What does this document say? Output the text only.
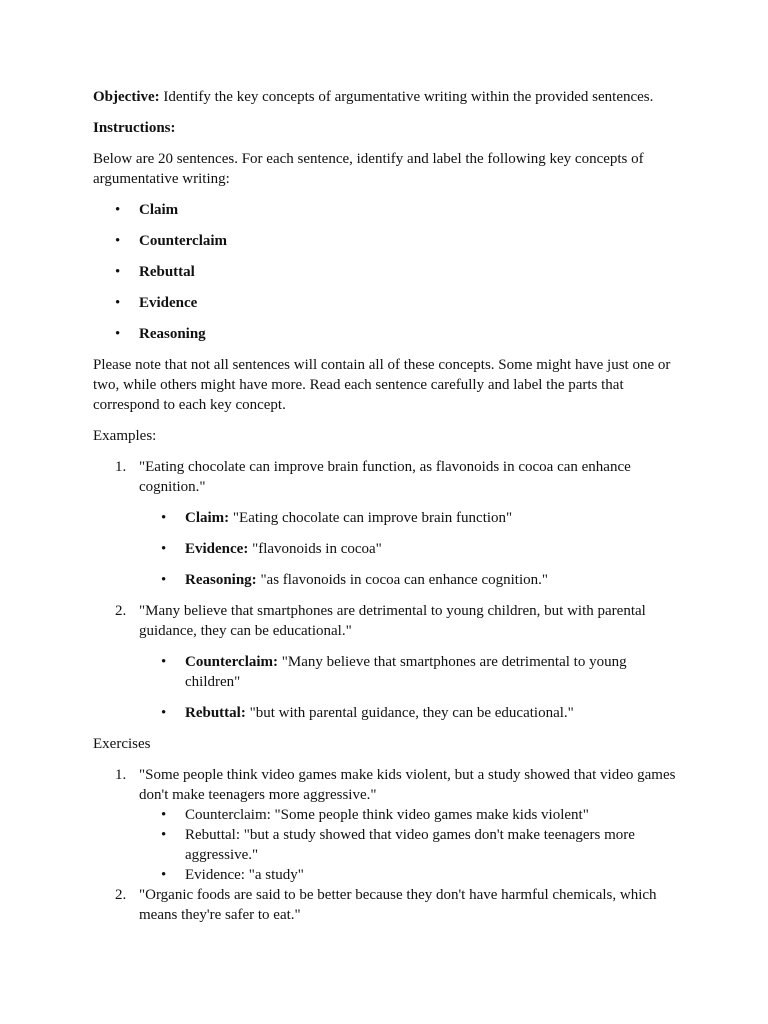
Objective: Identify the key concepts of argumentative writing within the provided sentences.

Instructions:

Below are 20 sentences. For each sentence, identify and label the following key concepts of argumentative writing:

• Claim
• Counterclaim
• Rebuttal
• Evidence
• Reasoning

Please note that not all sentences will contain all of these concepts. Some might have just one or two, while others might have more. Read each sentence carefully and label the parts that correspond to each key concept.

Examples:

1. "Eating chocolate can improve brain function, as flavonoids in cocoa can enhance cognition."

• Claim: "Eating chocolate can improve brain function"
• Evidence: "flavonoids in cocoa"
• Reasoning: "as flavonoids in cocoa can enhance cognition."
2. "Many believe that smartphones are detrimental to young children, but with parental guidance, they can be educational."

• Counterclaim: "Many believe that smartphones are detrimental to young children"
• Rebuttal: "but with parental guidance, they can be educational."

Exercises

1. "Some people think video games make kids violent, but a study showed that video games don't make teenagers more aggressive."

• Counterclaim: "Some people think video games make kids violent"
• Rebuttal: "but a study showed that video games don't make teenagers more aggressive."
• Evidence: "a study"
2. "Organic foods are said to be better because they don't have harmful chemicals, which means they're safer to eat."
